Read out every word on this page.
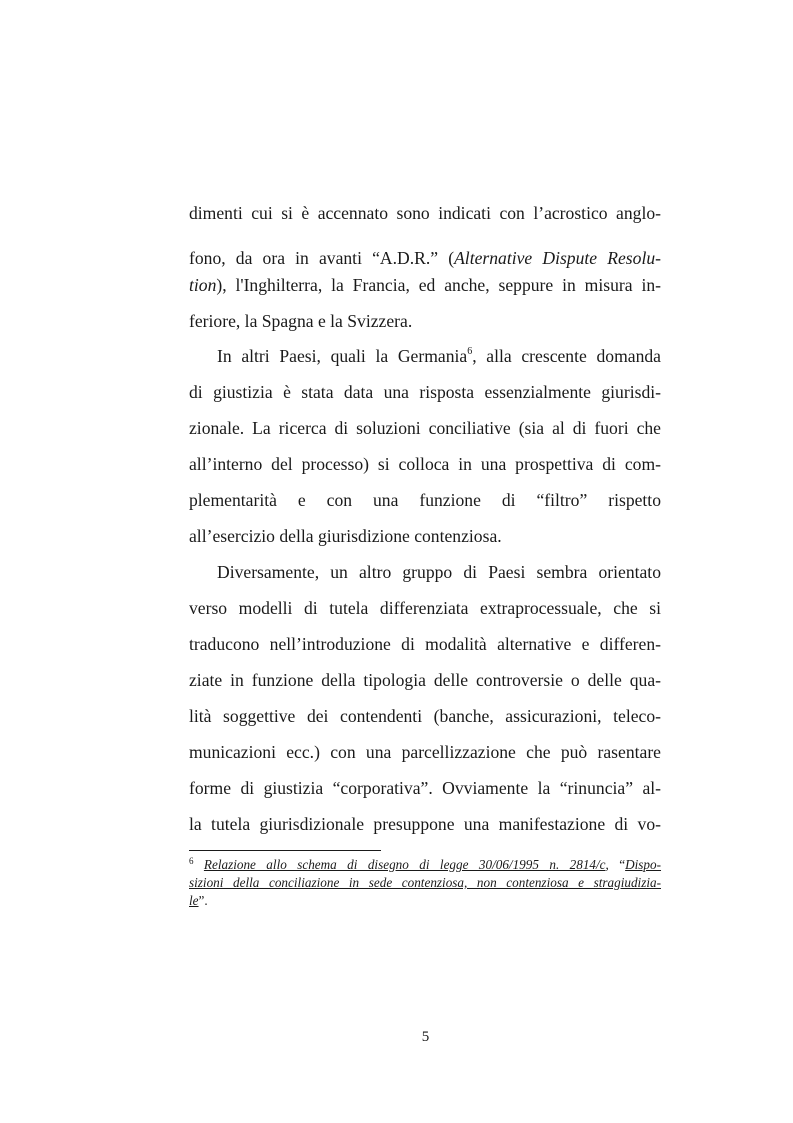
dimenti cui si è accennato sono indicati con l’acrostico anglo-
fono, da ora in avanti “A.D.R.” (Alternative Dispute Resolu-
tion), l'Inghilterra, la Francia, ed anche, seppure in misura in-
feriore, la Spagna e la Svizzera.
In altri Paesi, quali la Germania$^6$, alla crescente domanda
di giustizia è stata data una risposta essenzialmente giurisdi-
zionale. La ricerca di soluzioni conciliative (sia al di fuori che
all’interno del processo) si colloca in una prospettiva di com-
plementarità e con una funzione di “filtro” rispetto
all’esercizio della giurisdizione contenziosa.
Diversamente, un altro gruppo di Paesi sembra orientato
verso modelli di tutela differenziata extraprocessuale, che si
traducono nell’introduzione di modalità alternative e differen-
ziate in funzione della tipologia delle controversie o delle qua-
lità soggettive dei contendenti (banche, assicurazioni, teleco-
municazioni ecc.) con una parcellizzazione che può rasentare
forme di giustizia “corporativa”. Ovviamente la “rinuncia” al-
la tutela giurisdizionale presuppone una manifestazione di vo-
$^6$ Relazione allo schema di disegno di legge 30/06/1995 n. 2814/c, “Dispo-
sizioni della conciliazione in sede contenziosa, non contenziosa e stragiudizia-
le”.
5
